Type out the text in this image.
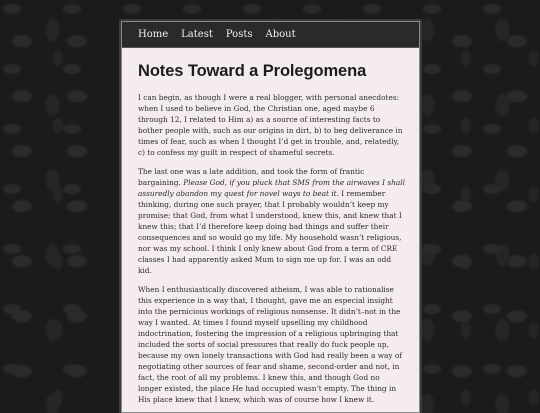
Home Latest Posts About
Notes Toward a Prolegomena

I can begin, as though I were a real blogger, with personal anecdotes: when I used to believe in God, the Christian one, aged maybe 6 through 12, I related to Him a) as a source of interesting facts to bother people with, such as our origins in dirt, b) to beg deliverance in times of fear, such as when I thought I’d get in trouble, and, relatedly, c) to confess my guilt in respect of shameful secrets.

The last one was a late addition, and took the form of frantic bargaining. Please God, if you pluck that SMS from the airwaves I shall assuredly abandon my quest for novel ways to beat it. I remember thinking, during one such prayer, that I probably wouldn’t keep my promise; that God, from what I understood, knew this, and knew that I knew this; that I’d therefore keep doing bad things and suffer their consequences and so would go my life. My household wasn’t religious, nor was my school. I think I only knew about God from a term of CRE classes I had apparently asked Mum to sign me up for. I was an odd kid.

When I enthusiastically discovered atheism, I was able to rationalise this experience in a way that, I thought, gave me an especial insight into the pernicious workings of religious nonsense. It didn’t–not in the way I wanted. At times I found myself upselling my childhood indoctrination, fostering the impression of a religious upbringing that included the sorts of social pressures that really do fuck people up, because my own lonely transactions with God had really been a way of negotiating other sources of fear and shame, second-order and not, in fact, the root of all my problems. I knew this, and though God no longer existed, the place He had occupied wasn’t empty. The thing in His place knew that I knew, which was of course how I knew it.
